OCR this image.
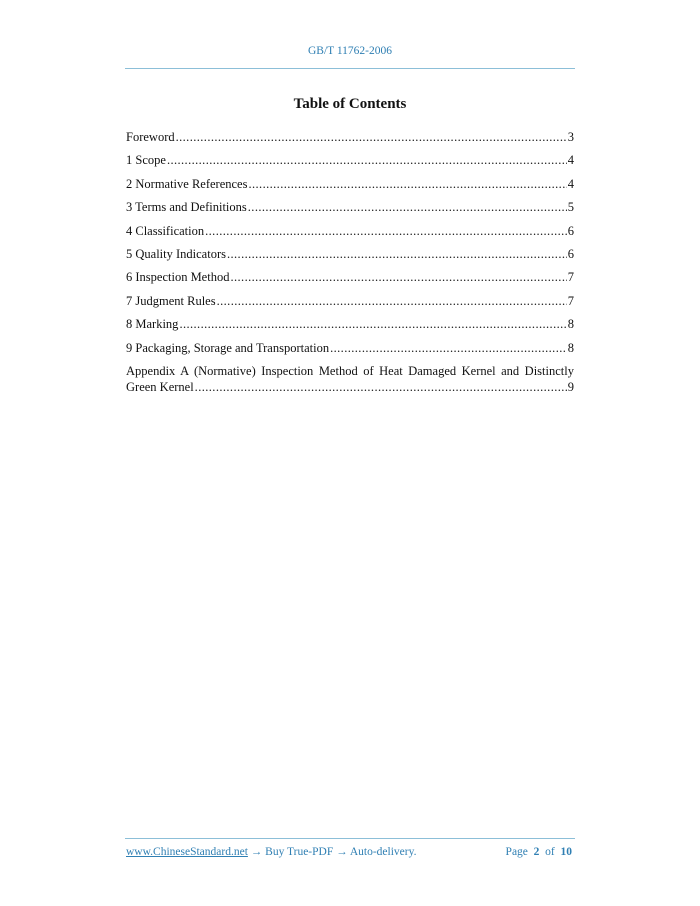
GB/T 11762-2006
Table of Contents
Foreword .....	3
1 Scope .....	4
2 Normative References .....	4
3 Terms and Definitions .....	5
4 Classification .....	6
5 Quality Indicators .....	6
6 Inspection Method .....	7
7 Judgment Rules .....	7
8 Marking .....	8
9 Packaging, Storage and Transportation .....	8
Appendix A (Normative) Inspection Method of Heat Damaged Kernel and Distinctly
Green Kernel .....	9
www.ChineseStandard.net → Buy True-PDF → Auto-delivery.	Page 2 of 10
